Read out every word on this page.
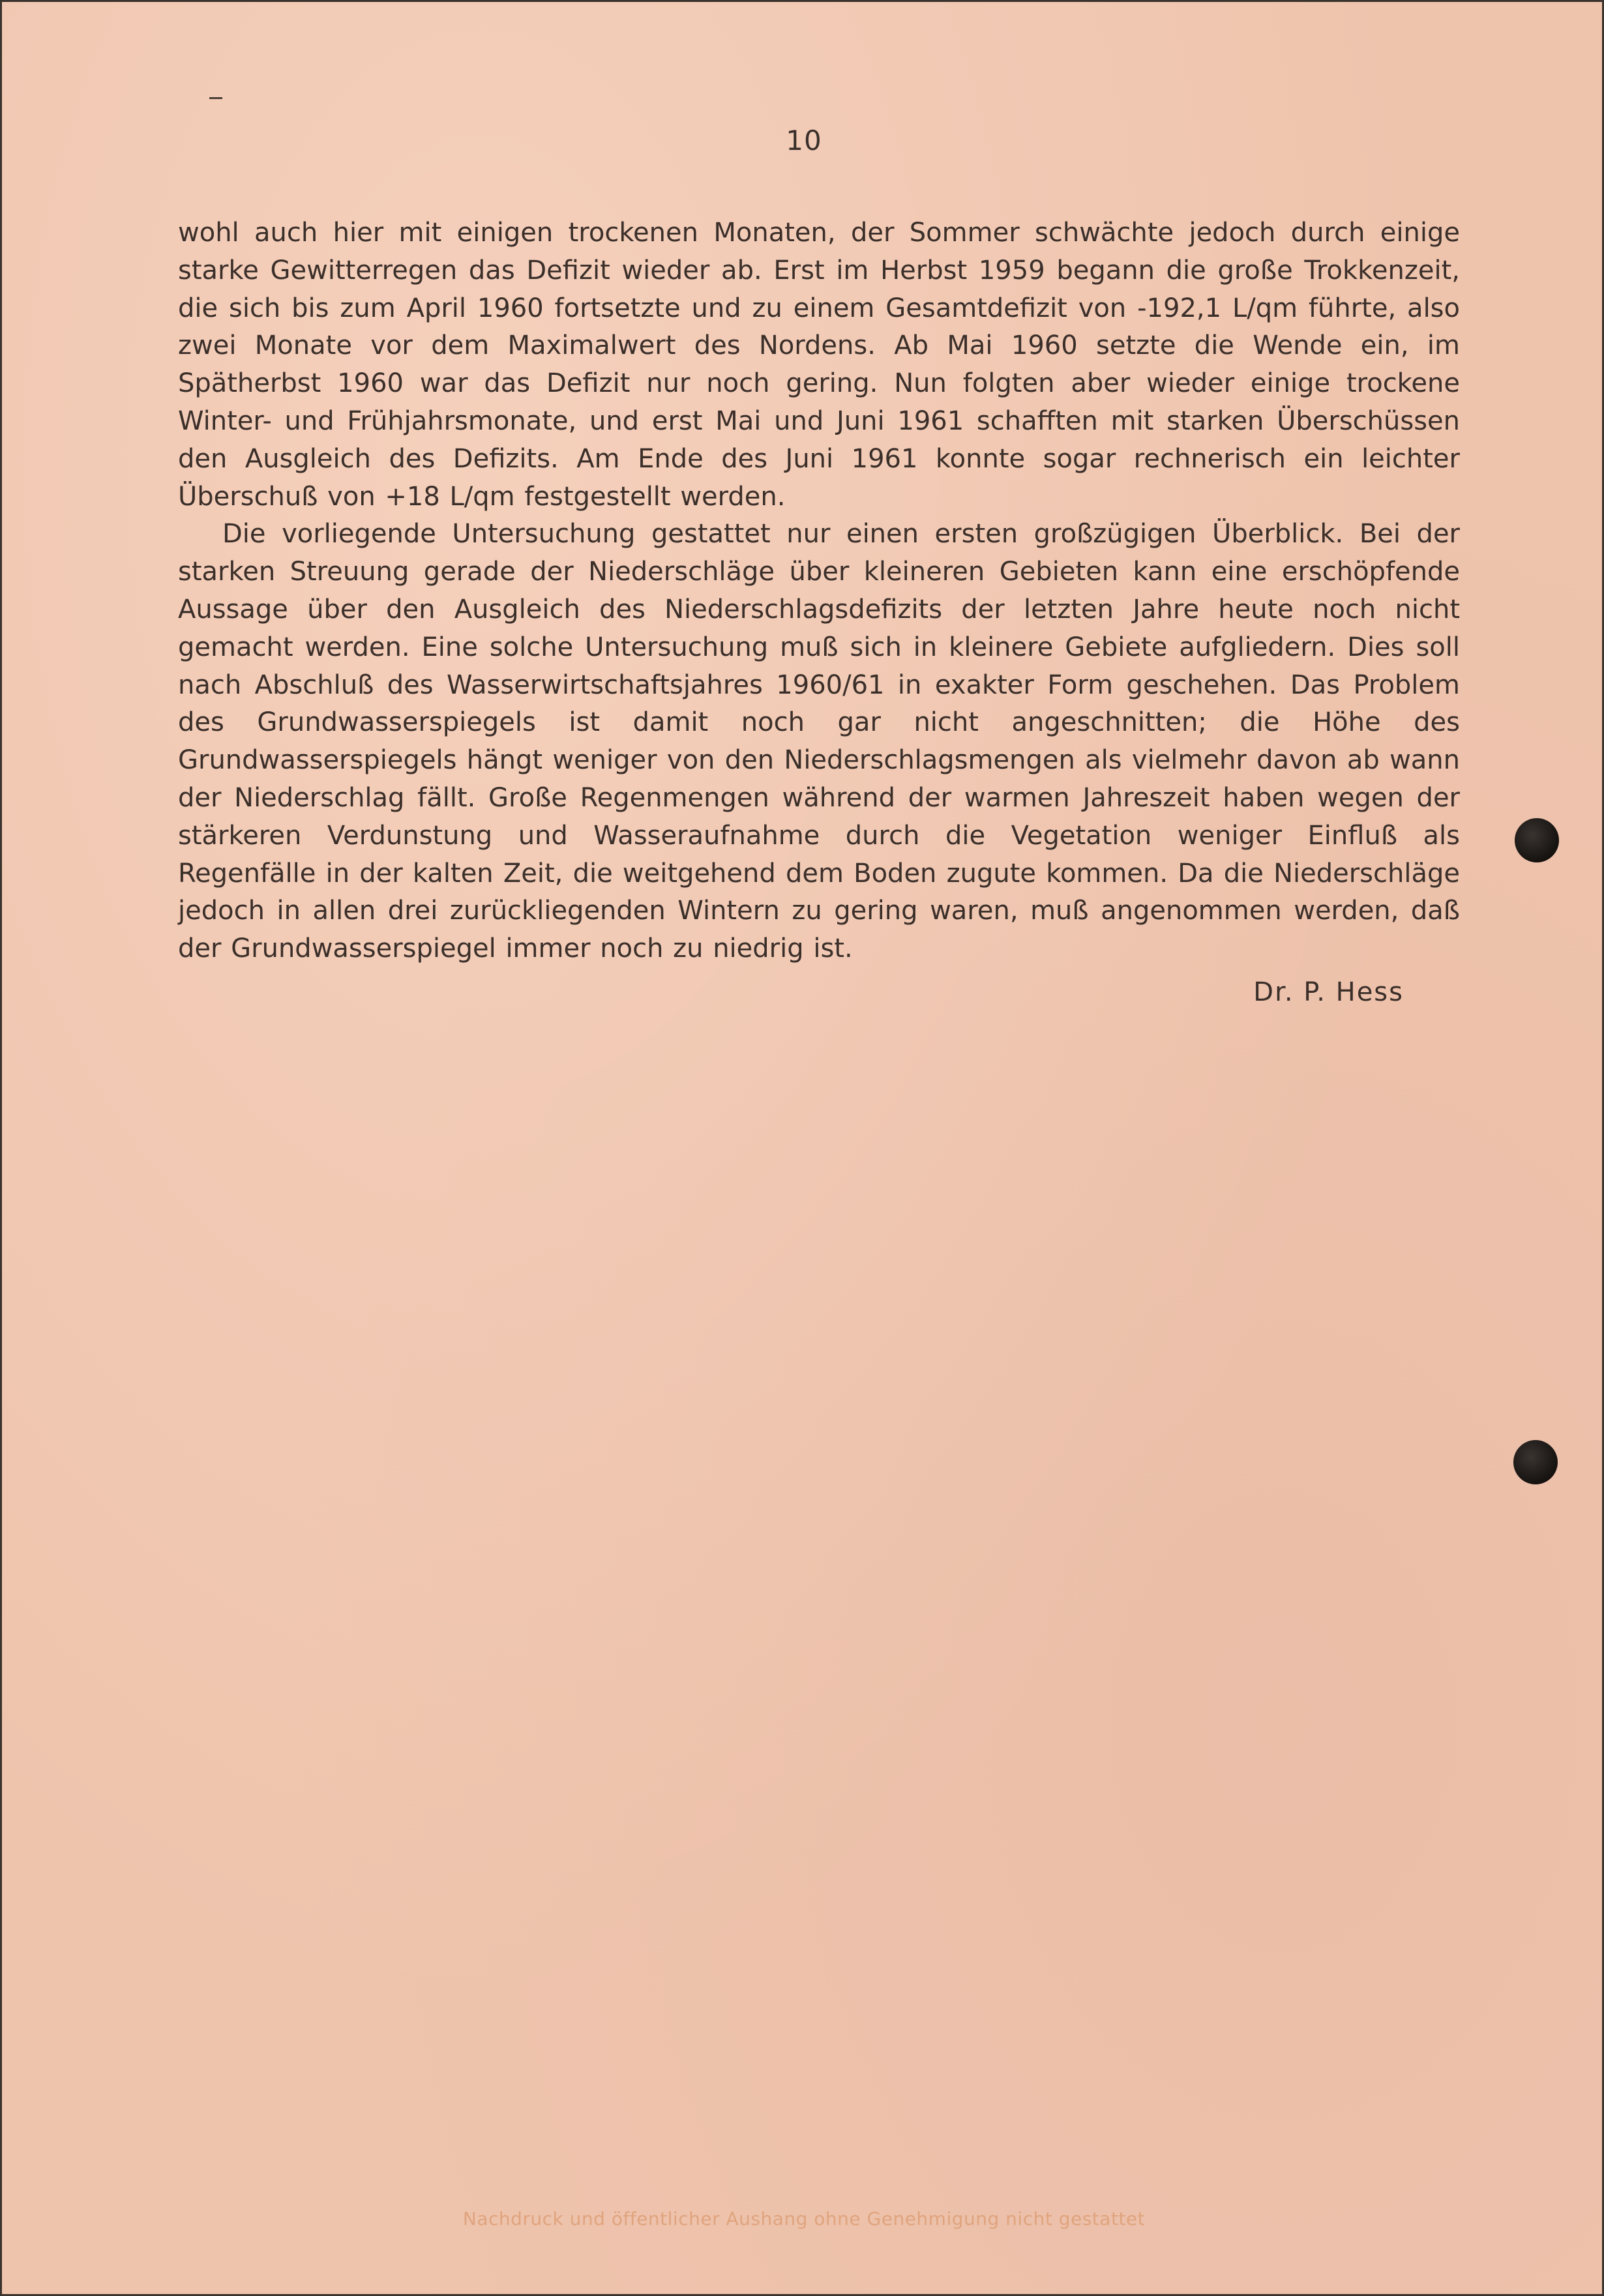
10

wohl auch hier mit einigen trockenen Monaten, der Sommer schwächte jedoch durch einige starke Gewitterregen das Defizit wieder ab. Erst im Herbst 1959 begann die große Trokkenzeit, die sich bis zum April 1960 fortsetzte und zu einem Gesamtdefizit von -192,1 L/qm führte, also zwei Monate vor dem Maximalwert des Nordens. Ab Mai 1960 setzte die Wende ein, im Spätherbst 1960 war das Defizit nur noch gering. Nun folgten aber wieder einige trockene Winter- und Frühjahrsmonate, und erst Mai und Juni 1961 schafften mit starken Überschüssen den Ausgleich des Defizits. Am Ende des Juni 1961 konnte sogar rechnerisch ein leichter Überschuß von +18 L/qm festgestellt werden.

Die vorliegende Untersuchung gestattet nur einen ersten großzügigen Überblick. Bei der starken Streuung gerade der Niederschläge über kleineren Gebieten kann eine erschöpfende Aussage über den Ausgleich des Niederschlagsdefizits der letzten Jahre heute noch nicht gemacht werden. Eine solche Untersuchung muß sich in kleinere Gebiete aufgliedern. Dies soll nach Abschluß des Wasserwirtschaftsjahres 1960/61 in exakter Form geschehen. Das Problem des Grundwasserspiegels ist damit noch gar nicht angeschnitten; die Höhe des Grundwasserspiegels hängt weniger von den Niederschlagsmengen als vielmehr davon ab wann der Niederschlag fällt. Große Regenmengen während der warmen Jahreszeit haben wegen der stärkeren Verdunstung und Wasseraufnahme durch die Vegetation weniger Einfluß als Regenfälle in der kalten Zeit, die weitgehend dem Boden zugute kommen. Da die Niederschläge jedoch in allen drei zurückliegenden Wintern zu gering waren, muß angenommen werden, daß der Grundwasserspiegel immer noch zu niedrig ist.

Dr. P. Hess
Nachdruck und öffentlicher Aushang ohne Genehmigung nicht gestattet
